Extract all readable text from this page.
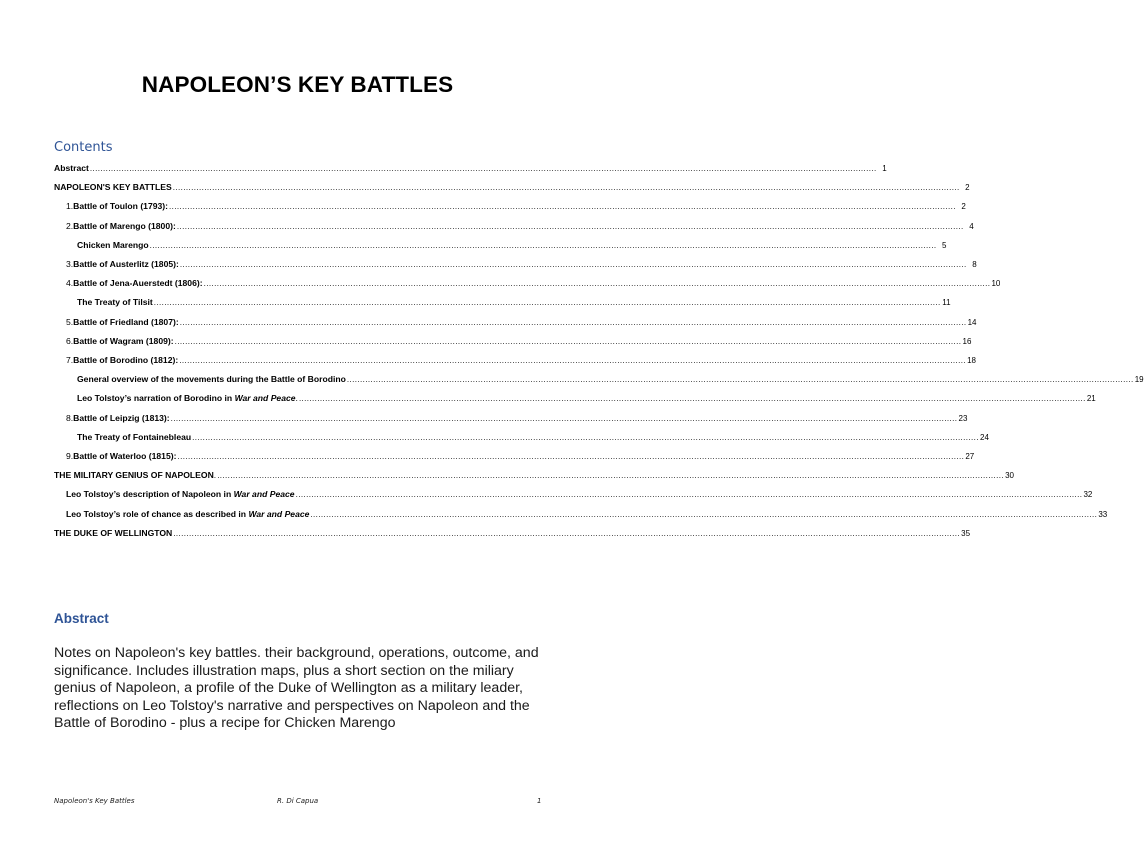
NAPOLEON’S KEY BATTLES
Contents
Abstract ............................................................................................................................................................................................................................................................................................................ 1
NAPOLEON'S KEY BATTLES ............................................................................................................................................................................................................................................................................................................ 2
1. Battle of Toulon (1793): ............................................................................................................................................................................................................................................................................................................ 2
2. Battle of Marengo (1800): ............................................................................................................................................................................................................................................................................................................ 4
Chicken Marengo ............................................................................................................................................................................................................................................................................................................ 5
3. Battle of Austerlitz (1805): ............................................................................................................................................................................................................................................................................................................ 8
4. Battle of Jena-Auerstedt (1806): ............................................................................................................................................................................................................................................................................................................ 10
The Treaty of Tilsit ............................................................................................................................................................................................................................................................................................................ 11
5. Battle of Friedland (1807): ............................................................................................................................................................................................................................................................................................................ 14
6. Battle of Wagram (1809): ............................................................................................................................................................................................................................................................................................................ 16
7. Battle of Borodino (1812): ............................................................................................................................................................................................................................................................................................................ 18
General overview of the movements during the Battle of Borodino ............................................................................................................................................................................................................................................................................................................ 19
Leo Tolstoy’s narration of Borodino in War and Peace. ............................................................................................................................................................................................................................................................................................................ 21
8. Battle of Leipzig (1813): ............................................................................................................................................................................................................................................................................................................ 23
The Treaty of Fontainebleau ............................................................................................................................................................................................................................................................................................................ 24
9. Battle of Waterloo (1815): ............................................................................................................................................................................................................................................................................................................ 27
THE MILITARY GENIUS OF NAPOLEON. ............................................................................................................................................................................................................................................................................................................ 30
Leo Tolstoy’s description of Napoleon in War and Peace ............................................................................................................................................................................................................................................................................................................ 32
Leo Tolstoy’s role of chance as described in War and Peace ............................................................................................................................................................................................................................................................................................................ 33
THE DUKE OF WELLINGTON ............................................................................................................................................................................................................................................................................................................ 35
Abstract
Notes on Napoleon's key battles. their background, operations, outcome, and significance. Includes illustration maps, plus a short section on the miliary genius of Napoleon, a profile of the Duke of Wellington as a military leader, reflections on Leo Tolstoy's narrative and perspectives on Napoleon and the Battle of Borodino - plus a recipe for Chicken Marengo
Napoleon's Key Battles	R. Di Capua	1
